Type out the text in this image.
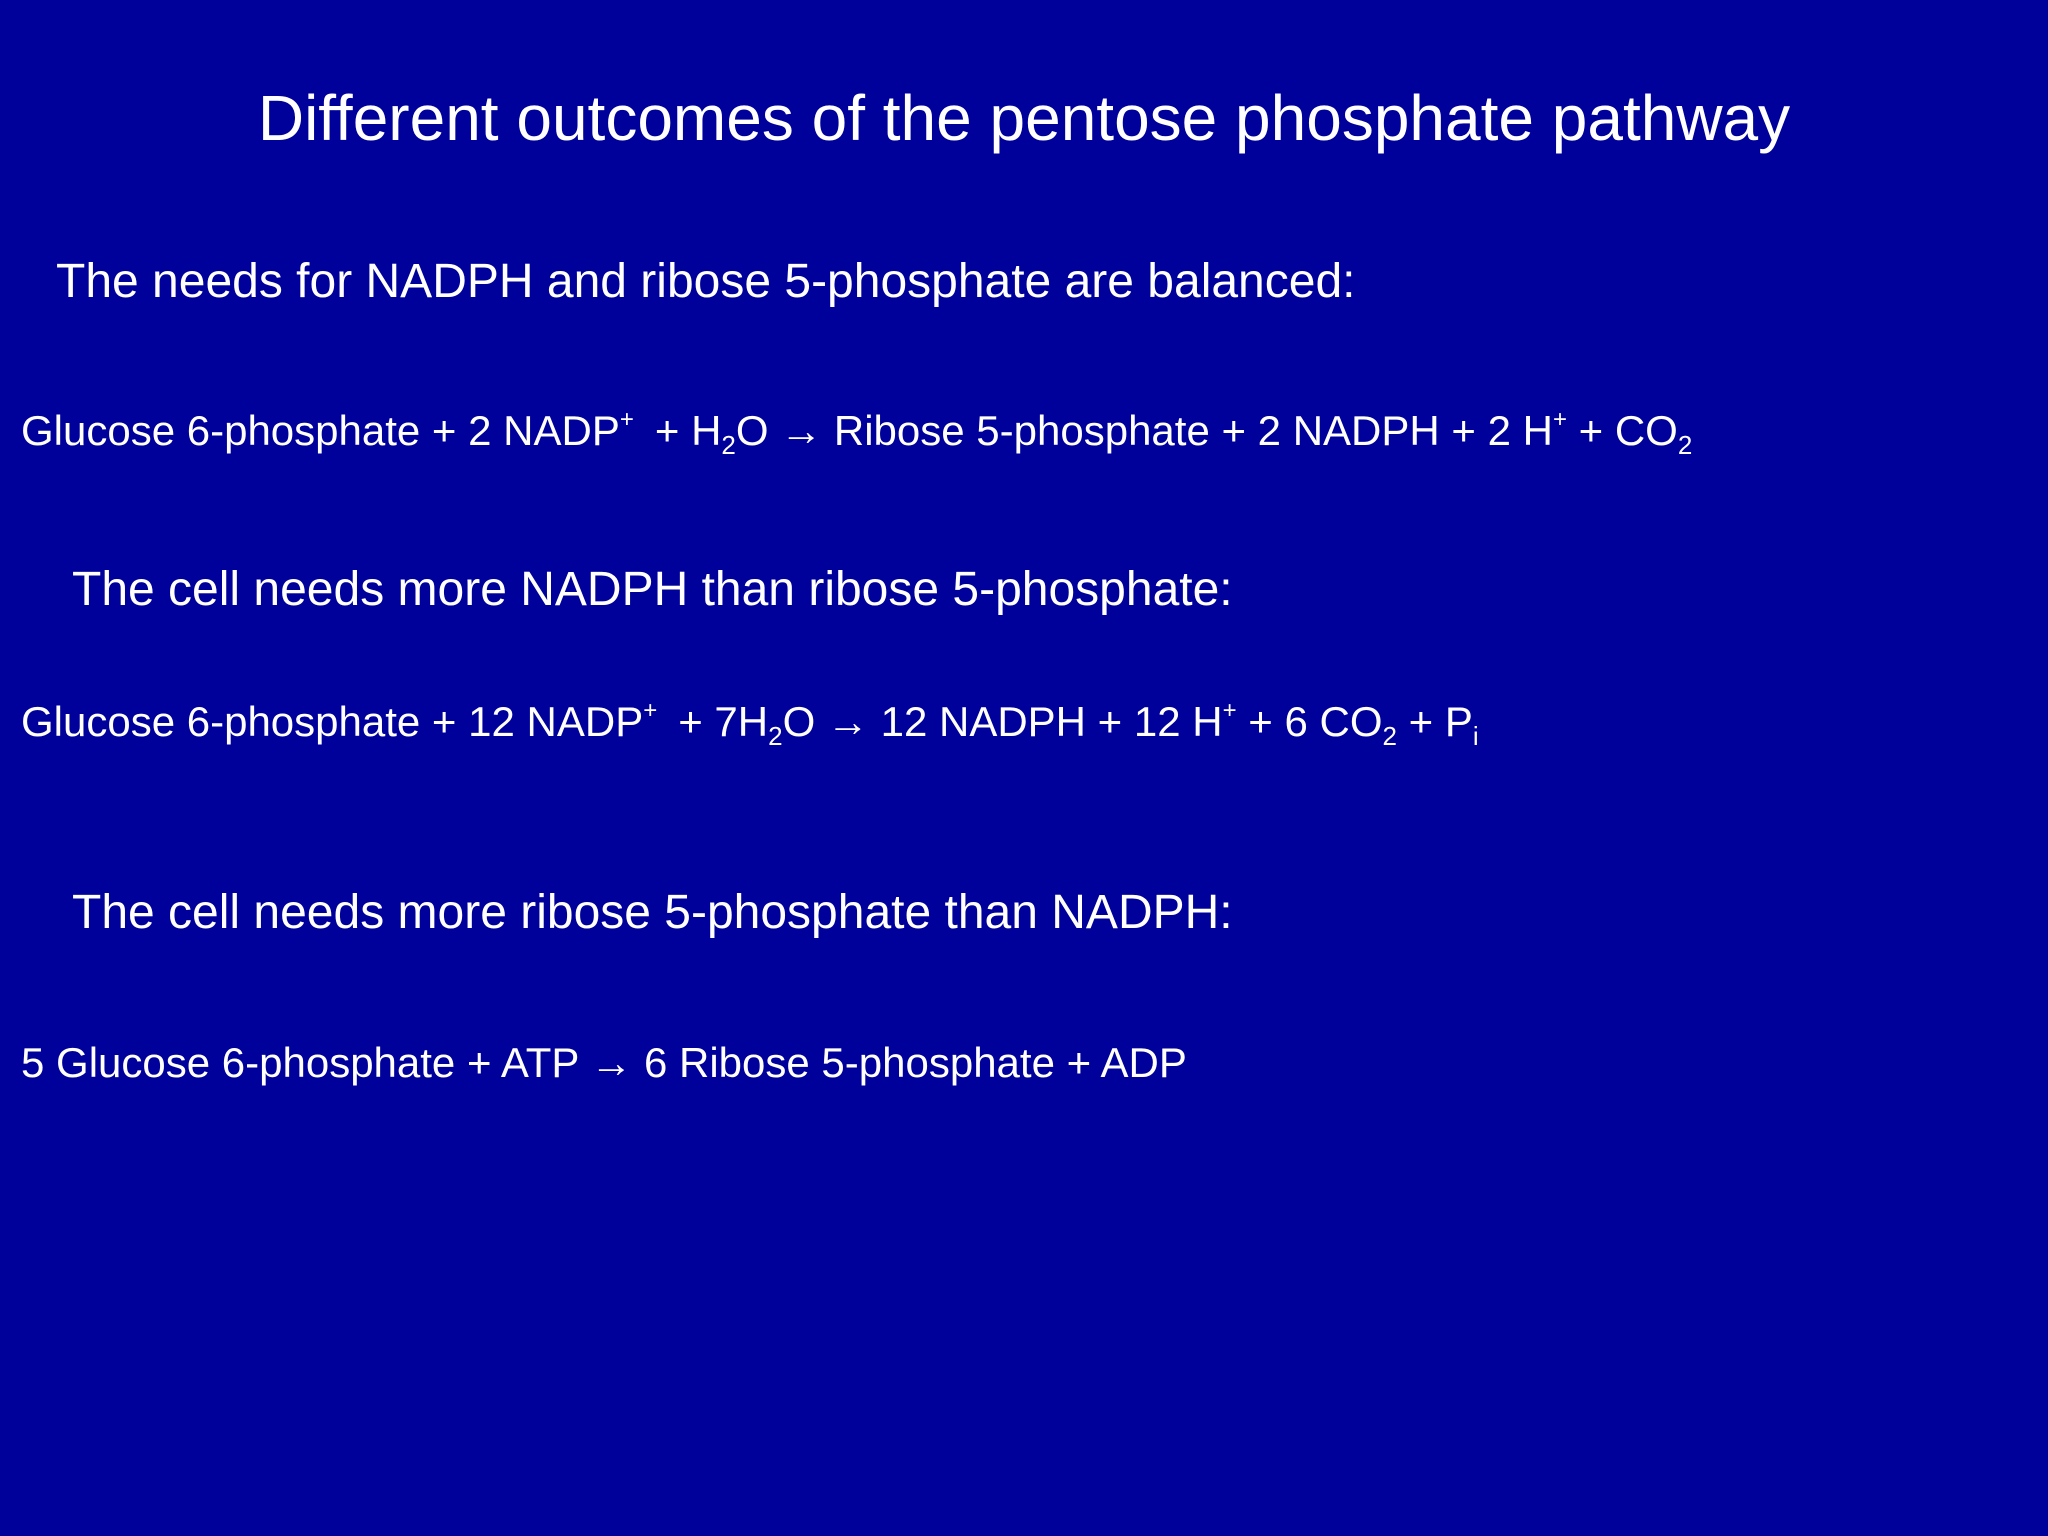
Different outcomes of the pentose phosphate pathway
The needs for NADPH and ribose 5-phosphate are balanced:
Glucose 6-phosphate + 2 NADP+ + $H_2O$ → Ribose 5-phosphate + 2 NADPH + 2 $H^+ + CO_2$
The cell needs more NADPH than ribose 5-phosphate:
Glucose 6-phosphate + 12 NADP+ + $7H_2O \to 12$ NADPH + 12 H+ + 6 $CO_2 + P_i$
The cell needs more ribose 5-phosphate than NADPH:
5 Glucose 6-phosphate + ATP → 6 Ribose 5-phosphate + ADP
